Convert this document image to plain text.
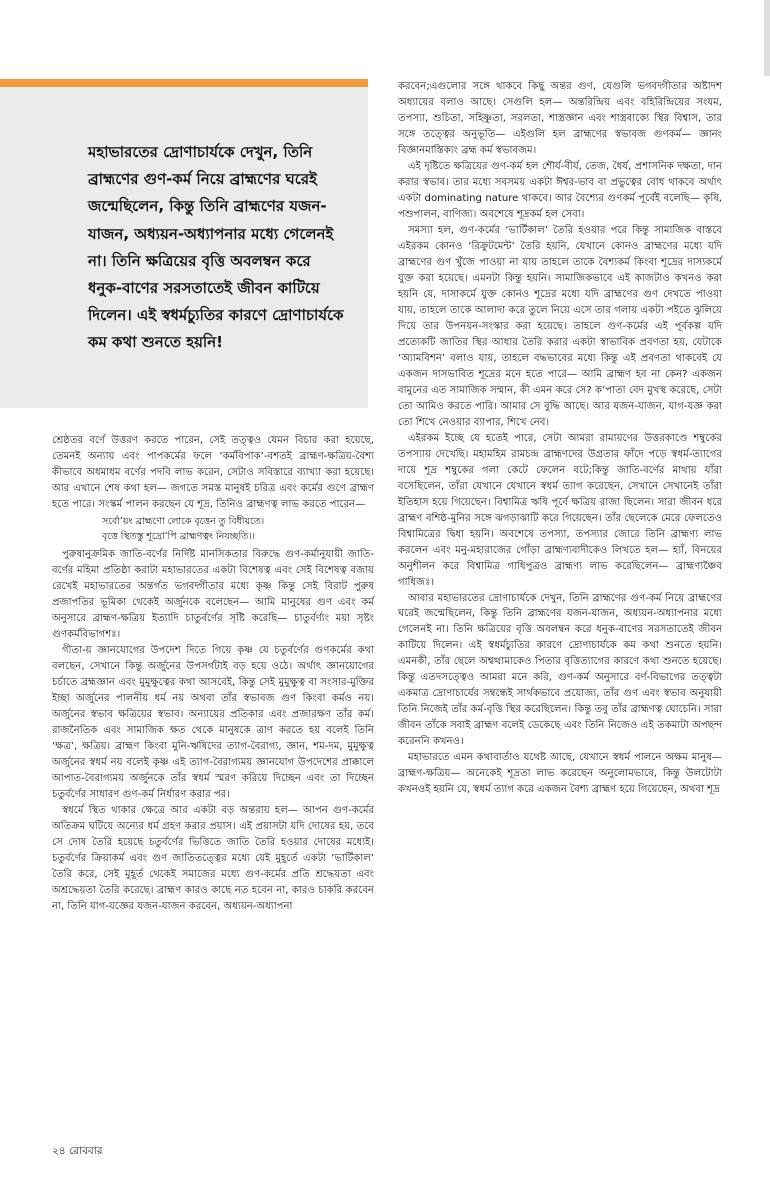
মহাভারতের দ্রোণাচার্যকে দেখুন, তিনি ব্রাহ্মণের গুণ-কর্ম নিয়ে ব্রাহ্মণের ঘরেই জন্মেছিলেন, কিন্তু তিনি ব্রাহ্মণের যজন-যাজন, অধ্যয়ন-অধ্যাপনার মধ্যে গেলেনই না। তিনি ক্ষত্রিয়ের বৃত্তি অবলম্বন করে ধনুক-বাণের সরসতাতেই জীবন কাটিয়ে দিলেন। এই স্বধর্মচ্যুতির কারণে দ্রোণাচার্যকে কম কথা শুনতে হয়নি!

শ্রেষ্ঠতর বর্ণে উত্তরণ করতে পারেন, সেই তত্ত্বও যেমন বিচার করা হয়েছে, তেমনই অন্যায় এবং পাপকর্মের ফলে ‘কর্মবিপাক’-বশতই ব্রাহ্মণ-ক্ষত্রিয়-বৈশ্য কীভাবে অধমাধম বর্ণের পদবি লাভ করেন, সেটাও সবিস্তারে ব্যাখ্যা করা হয়েছে। আর এখানে শেষ কথা হল— জগতে সমস্ত মানুষই চরিত্র এবং কর্মের গুণে ব্রাহ্মণ হতে পারে। সংস্কর্ম পালন করছেন যে শূদ্র, তিনিও ব্রাহ্মণত্ব লাভ করতে পারেন—

সর্বো’য়ং ব্রাহ্মণো লোকে বৃত্তেন তু বিধীয়তে।
বৃত্তে স্থিতস্তু শূদ্রো’পি ব্রাহ্মণত্বং নিযচ্ছতি।।

পুরুষানুক্রমিক জাতি-বর্ণের নির্দিষ্ট মানসিকতার বিরুদ্ধে গুণ-কর্মানুযায়ী জাতি-বর্ণের মহিমা প্রতিষ্ঠা করাটা মহাভারতের একটা বিশেষত্ব এবং সেই বিশেষত্ব বজায় রেখেই মহাভারতের অন্তর্গত ভগবদ্গীতার মধ্যে কৃষ্ণ কিন্তু সেই বিরাট পুরুষ প্রজাপতির ভূমিকা থেকেই অর্জুনকে বলেছেন— আমি মানুষের গুণ এবং কর্ম অনুসারে ব্রাহ্মণ-ক্ষত্রিয় ইত্যাদি চাতুর্বর্ণের সৃষ্টি করেছি— চাতুর্বর্ণ্যং ময়া সৃষ্টং গুণকর্মবিভাগশঃ।

গীতা-য় জ্ঞানযোগের উপদেশ দিতে গিয়ে কৃষ্ণ যে চতুর্বর্ণের গুণকর্মের কথা বলছেন, সেখানে কিন্তু অর্জুনের উপসর্গটাই বড় হয়ে ওঠে। অর্থাৎ জ্ঞানযোগের চর্চাতে ব্রহ্মজ্ঞান এবং মুমুক্ষুত্বের কথা আসবেই, কিন্তু সেই মুমুক্ষুত্ব বা সংসার-মুক্তির ইচ্ছা অর্জুনের পালনীয় ধর্ম নয় অথবা তাঁর স্বভাবজ গুণ কিংবা কর্মও নয়। অর্জুনের স্বভাব ক্ষত্রিয়ের স্বভাব। অন্যায়ের প্রতিকার এবং প্রজারক্ষণ তাঁর কর্ম। রাজনৈতিক এবং সামাজিক ক্ষত থেকে মানুষকে ত্রাণ করতে হয় বলেই তিনি ‘ক্ষত্র’, ক্ষত্রিয়। ব্রাহ্মণ কিংবা মুনি-ঋষিদের ত্যাগ-বৈরাগ্য, জ্ঞান, শম-দম, মুমুক্ষুত্ব অর্জুনের স্বধর্ম নয় বলেই কৃষ্ণ এই ত্যাগ-বৈরাগ্যময় জ্ঞানযোগ উপদেশের প্রাক্কালে আপাত-বৈরাগ্যময় অর্জুনকে তাঁর স্বধর্ম স্মরণ করিয়ে দিচ্ছেন এবং তা দিচ্ছেন চতুর্বর্ণের সাধারণ গুণ-কর্ম নির্ধারণ করার পর।

স্বধর্মে স্থিত থাকার ক্ষেত্রে আর একটা বড় অন্তরায় হল— আপন গুণ-কর্মের অতিক্রম ঘটিয়ে অন্যের ধর্ম গ্রহণ করার প্রয়াস। এই প্রয়াসটা যদি দোষের হয়, তবে সে দোষ তৈরি হয়েছে চতুর্বর্ণের ভিত্তিতে জাতি তৈরি হওয়ার দোষের মধ্যেই। চতুর্বর্ণের ক্রিয়াকর্ম এবং গুণ জাতিতত্ত্বের মধ্যে যেই মুহূর্তে একটা ‘ভার্টিকাল’ তৈরি করে, সেই মুহূর্ত থেকেই সমাজের মধ্যে গুণ-কর্মের প্রতি শ্রদ্ধেয়তা এবং অশ্রদ্ধেয়তা তৈরি করেছে। ব্রাহ্মণ কারও কাছে নত হবেন না, কারও চাকরি করবেন না, তিনি যাগ-যজ্ঞের যজন-যাজন করবেন, অধ্যয়ন-অধ্যাপনা

করবেন;এগুলোর সঙ্গে থাকবে কিছু অন্তর গুণ, যেগুলি ভগবদ্গীতার অষ্টাদশ অধ্যায়ের বলাও আছে। সেগুলি হল— অন্তরিন্দ্রিয় এবং বহিরিন্দ্রিয়ের সংযম, তপস্যা, শুচিতা, সহিষ্ণুতা, সরলতা, শাস্ত্রজ্ঞান এবং শাস্ত্রবাক্যে স্থির বিশ্বাস, তার সঙ্গে তত্ত্বের অনুভূতি— এইগুলি হল ব্রাহ্মণের স্বভাবজ গুণকর্ম— জ্ঞানং বিজ্ঞানমাস্তিক্যং ব্রহ্ম কর্ম স্বভাবজম।

এই দৃষ্টিতে ক্ষত্রিয়ের গুণ-কর্ম হল শৌর্য-বীর্য, তেজ, ধৈর্য, প্রশাসনিক দক্ষতা, দান করার স্বভাব। তার মধ্যে সবসময় একটা ঈশ্বর-ভাব বা প্রভুত্বের বোধ থাকবে অর্থাৎ একটা dominating nature থাকবে। আর বৈশ্যের গুণকর্ম পূর্বেই বলেছি— কৃষি, পশুপালন, বাণিজ্য। অবশেষে শূদ্রকর্ম হল সেবা।

সমস্যা হল, গুণ-কর্মের ‘ভার্টিকাল’ তৈরি হওয়ার পরে কিন্তু সামাজিক বাস্তবে এইরকম কোনও ‘রিক্রুটমেন্ট’ তৈরি হয়নি, যেখানে কোনও ব্রাহ্মণের মধ্যে যদি ব্রাহ্মণের গুণ খুঁজে পাওয়া না যায় তাহলে তাকে বৈশ্যকর্ম কিংবা শূদ্রের দাস্যকর্মে যুক্ত করা হয়েছে। এমনটা কিন্তু হয়নি। সামাজিকভাবে এই কাজটাও কখনও করা হয়নি যে, দাসাকর্মে যুক্ত কোনও শূদ্রের মধ্যে যদি ব্রাহ্মণের গুণ দেখতে পাওয়া যায়, তাহলে তাকে আলাদা করে তুলে নিয়ে এসে তার গলায় একটা পইতে ঝুলিয়ে দিয়ে তার উপনয়ন-সংস্কার করা হয়েছে। তাহলে গুণ-কর্মের এই পূর্বকল্প যদি প্রত্যেকটি জাতির স্থির আধার তৈরি করার একটা স্বাভাবিক প্রবণতা হয়, যেটাকে ‘অ্যামবিশন’ বলাও যায়, তাহলে বদ্ধভাবের মধ্যে কিন্তু এই প্রবণতা থাকবেই যে একজন দাসভাবিত শূদ্রের মনে হতে পারে— আমি ব্রাহ্মণ হব না কেন? একজন বামুনের এত সামাজিক সম্মান, কী এমন করে সে? ক’পাতা বেদ মুখস্থ করেছে, সেটা তো আমিও করতে পারি। আমার সে বুদ্ধি আছে। আর যজন-যাজন, যাগ-যজ্ঞ করা তো শিখে নেওয়ার ব্যাপার, শিখে নেব।

এইরকম ইচ্ছে যে হতেই পারে, সেটা আমরা রামায়ণের উত্তরকাণ্ডে শম্বুকের তপস্যায় দেখেছি। মহামহিম রামচন্দ্র ব্রাহ্মণদের উগ্রতার ফাঁদে পড়ে স্বধর্ম-ত্যাগের দায়ে শূদ্র শম্বুকের গলা কেটে ফেলেন বটে;কিন্তু জাতি-বর্ণের মাথায় যাঁরা বসেছিলেন, তাঁরা যেখানে যেখানে স্বধর্ম ত্যাগ করেছেন, সেখানে সেখানেই তাঁরা ইতিহাস হয়ে গিয়েছেন। বিশ্বামিত্র ঋষি পূর্বে ক্ষত্রিয় রাজা ছিলেন। সারা জীবন ধরে ব্রাহ্মণ বশিষ্ঠ-মুনির সঙ্গে ঝগড়াঝাটি করে গিয়েছেন। তাঁর ছেলেকে মেরে ফেলতেও বিশ্বামিত্রের দ্বিধা হয়নি। অবশেষে তপস্যা, তপস্যার জোরে তিনি ব্রাহ্মণ্য লাভ করলেন এবং মনু-মহারাজের গোঁড়া ব্রাহ্মণ্যবাদীকেও লিখতে হল— হ্যাঁ, বিনয়ের অনুশীলন করে বিশ্বামিত্র গাধিপুত্রও ব্রাহ্মণ্য লাভ করেছিলেন— ব্রাহ্মণ্যঞ্চৈব গাধিজঃ।

আবার মহাভারতের দ্রোণাচার্যকে দেখুন, তিনি ব্রাহ্মণের গুণ-কর্ম নিয়ে ব্রাহ্মণের ঘরেই জন্মেছিলেন, কিন্তু তিনি ব্রাহ্মণের যজন-যাজন, অধ্যয়ন-অধ্যাপনার মধ্যে গেলেনই না। তিনি ক্ষত্রিয়ের বৃত্তি অবলম্বন করে ধনুক-বাণের সরসতাতেই জীবন কাটিয়ে দিলেন। এই স্বধর্মচ্যুতির কারণে দ্রোণাচার্যকে কম কথা শুনতে হয়নি। এমনকী, তাঁর ছেলে অশ্বত্থামাকেও পিতার বৃত্তিত্যাগের কারণে কথা শুনতে হয়েছে। কিন্তু এতদসত্ত্বেও আমরা মনে করি, গুণ-কর্ম অনুসারে বর্ণ-বিভাগের তত্ত্বটা একমাত্র দ্রোণাচার্যের সম্বন্ধেই সার্থকভাবে প্রযোজ্য, তাঁর গুণ এবং স্বভাব অনুযায়ী তিনি নিজেই তাঁর কর্ম-বৃত্তি স্থির করেছিলেন। কিন্তু তবু তাঁর ব্রাহ্মণত্ব ঘোচেনি। সারা জীবন তাঁকে সবাই ব্রাহ্মণ বলেই ডেকেছে এবং তিনি নিজেও এই তকমাটা অপছন্দ করেননি কখনও।

মহাভারতে এমন কথাবার্তাও যথেষ্ট আছে, যেখানে স্বধর্ম পালনে অক্ষম মানুষ— ব্রাহ্মণ-ক্ষত্রিয়— অনেকেই শূদ্রতা লাভ করেছেন অনুলোমভাবে, কিন্তু উলটোটা কখনওই হয়নি যে, স্বধর্ম ত্যাগ করে একজন বৈশ্য ব্রাহ্মণ হয়ে গিয়েছেন, অথবা শূদ্র

২৪ রোববার
